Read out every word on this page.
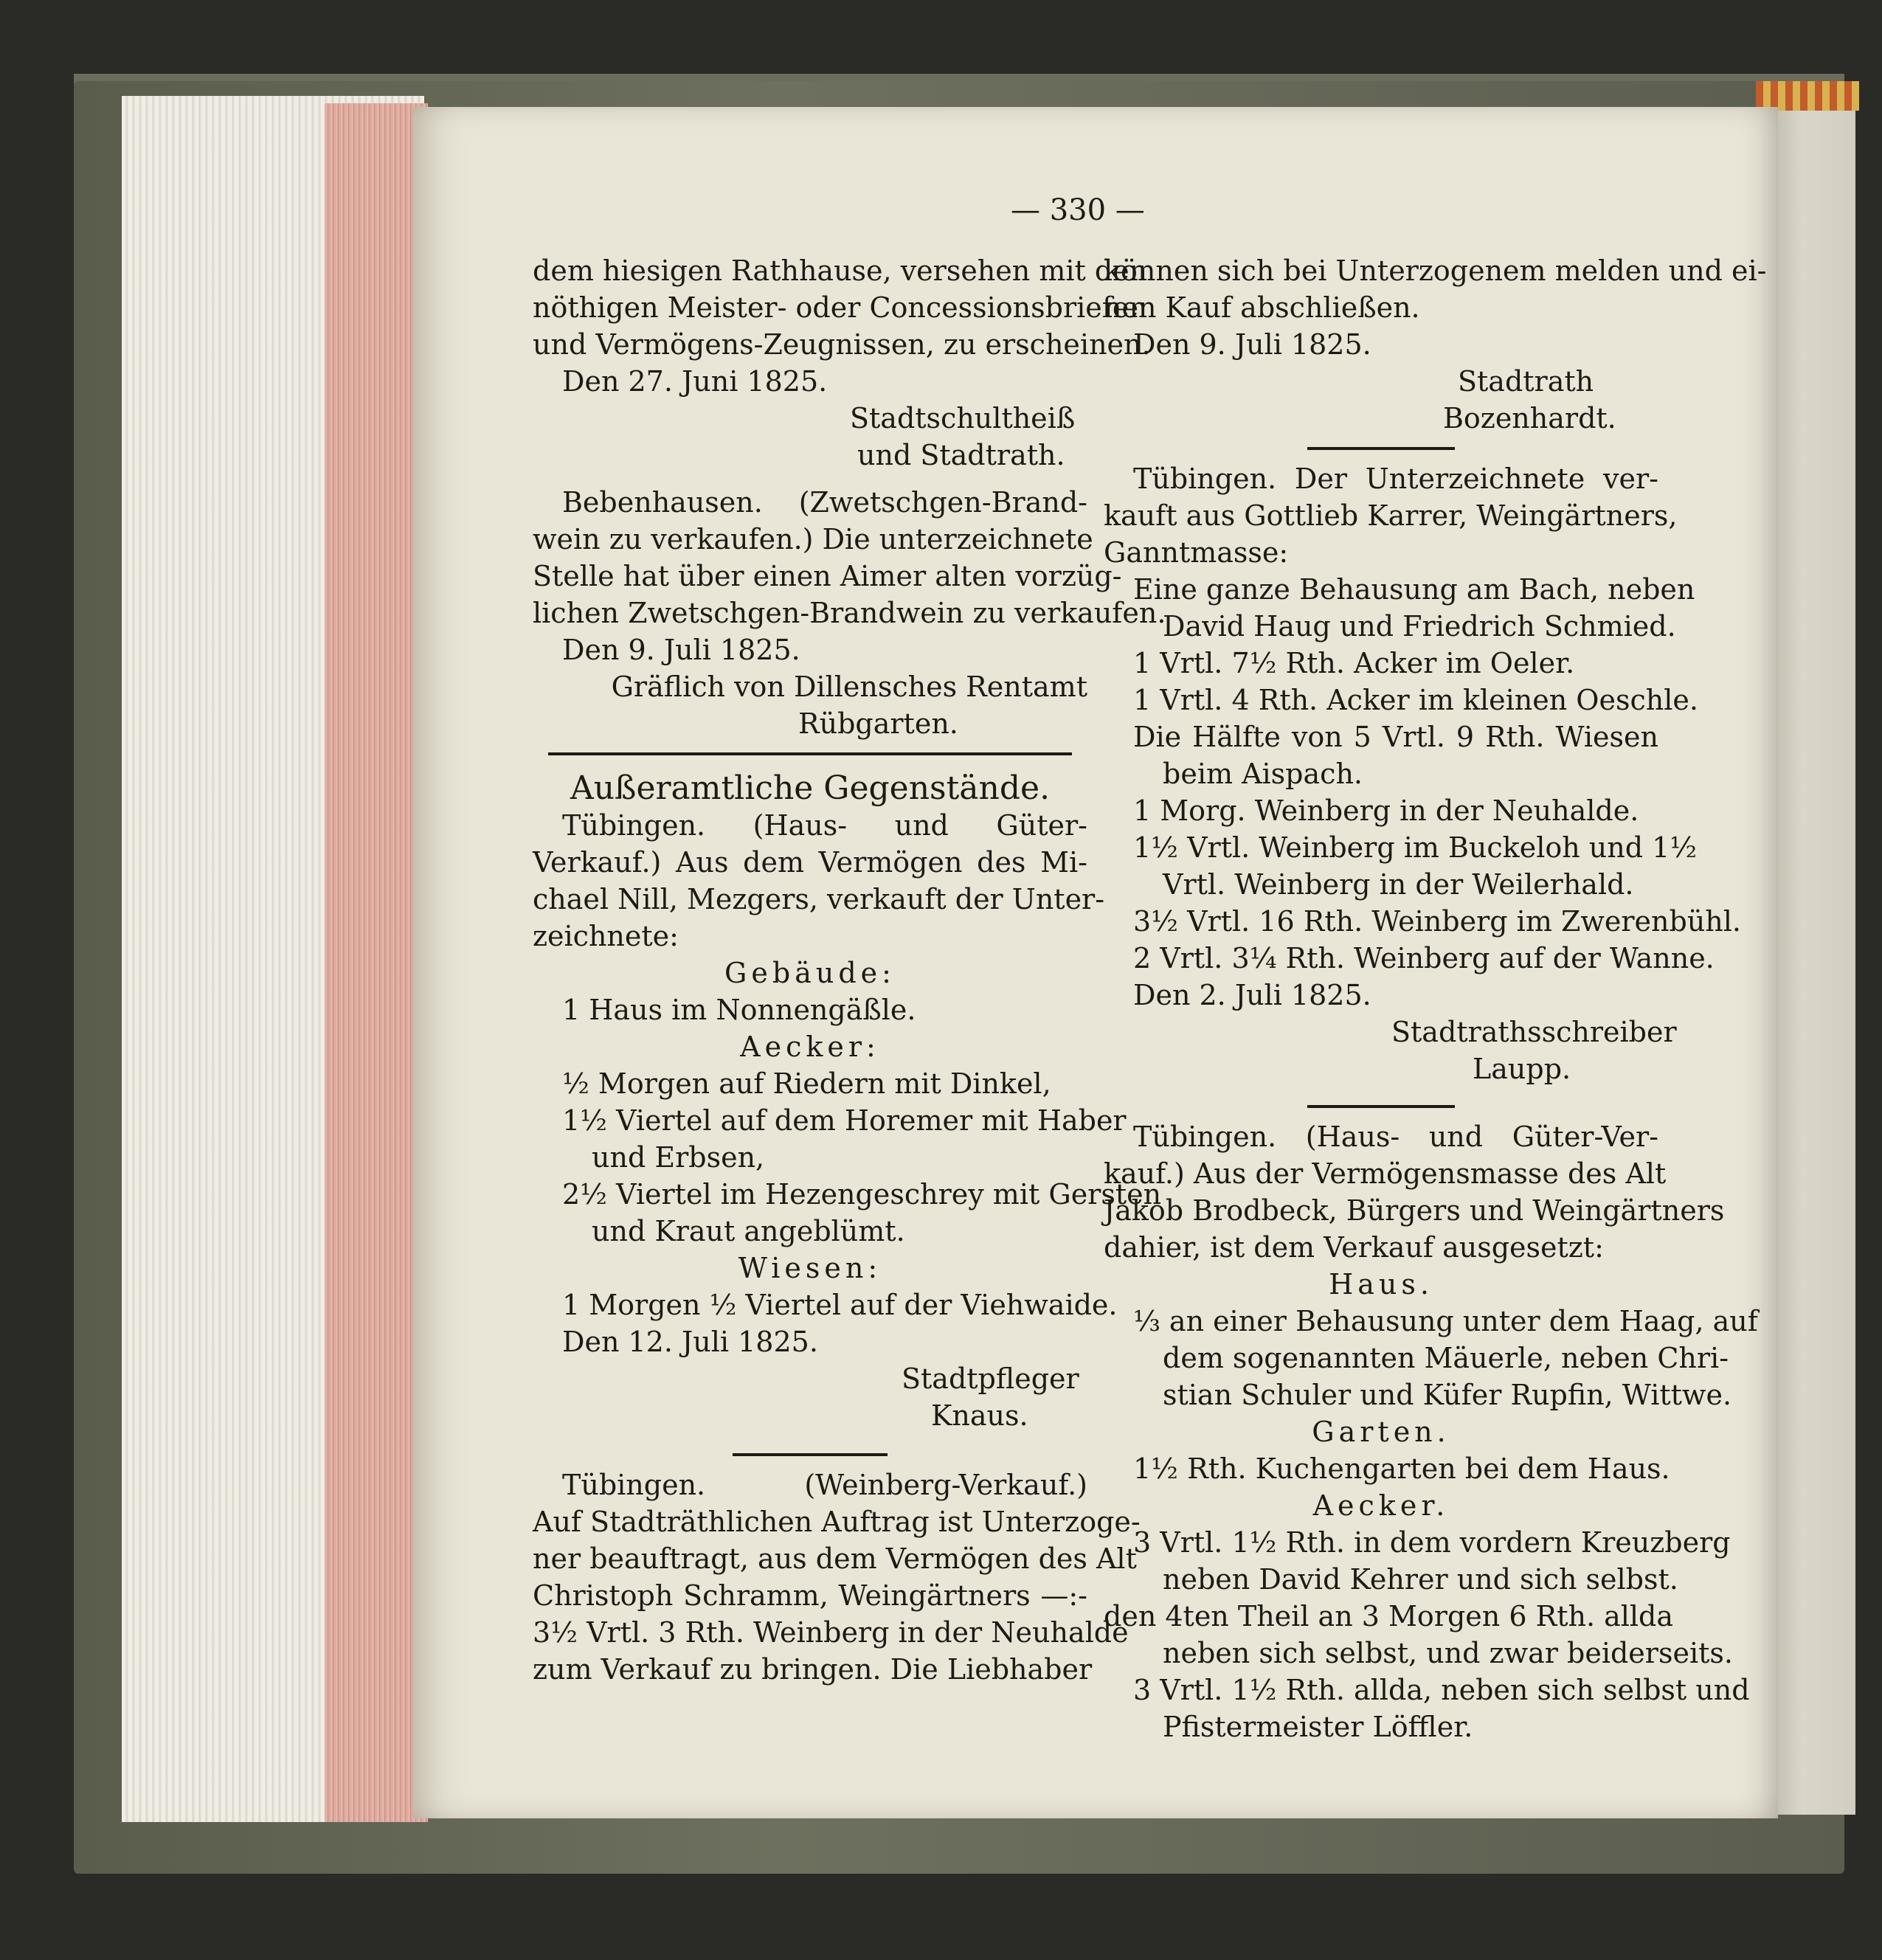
— 330 —

dem hiesigen Rathhause, versehen mit den

nöthigen Meister- oder Concessionsbriefen

und Vermögens-Zeugnissen, zu erscheinen.

Den 27. Juni 1825.

Stadtschultheiß

und Stadtrath.

Bebenhausen. (Zwetschgen-Brand-

wein zu verkaufen.) Die unterzeichnete

Stelle hat über einen Aimer alten vorzüg-

lichen Zwetschgen-Brandwein zu verkaufen.

Den 9. Juli 1825.

Gräflich von Dillensches Rentamt

Rübgarten.

Außeramtliche Gegenstände.

Tübingen. (Haus- und Güter-

Verkauf.) Aus dem Vermögen des Mi-

chael Nill, Mezgers, verkauft der Unter-

zeichnete:

Gebäude:

1 Haus im Nonnengäßle.

Aecker:

½ Morgen auf Riedern mit Dinkel,

1½ Viertel auf dem Horemer mit Haber

und Erbsen,

2½ Viertel im Hezengeschrey mit Gersten

und Kraut angeblümt.

Wiesen:

1 Morgen ½ Viertel auf der Viehwaide.

Den 12. Juli 1825.

Stadtpfleger

Knaus.

Tübingen. (Weinberg-Verkauf.)

Auf Stadträthlichen Auftrag ist Unterzoge-

ner beauftragt, aus dem Vermögen des Alt

Christoph Schramm, Weingärtners —:-

3½ Vrtl. 3 Rth. Weinberg in der Neuhalde

zum Verkauf zu bringen. Die Liebhaber

können sich bei Unterzogenem melden und ei-

nen Kauf abschließen.

Den 9. Juli 1825.

Stadtrath

Bozenhardt.

Tübingen. Der Unterzeichnete ver-

kauft aus Gottlieb Karrer, Weingärtners,

Ganntmasse:

Eine ganze Behausung am Bach, neben

David Haug und Friedrich Schmied.

1 Vrtl. 7½ Rth. Acker im Oeler.

1 Vrtl. 4 Rth. Acker im kleinen Oeschle.

Die Hälfte von 5 Vrtl. 9 Rth. Wiesen

beim Aispach.

1 Morg. Weinberg in der Neuhalde.

1½ Vrtl. Weinberg im Buckeloh und 1½

Vrtl. Weinberg in der Weilerhald.

3½ Vrtl. 16 Rth. Weinberg im Zwerenbühl.

2 Vrtl. 3¼ Rth. Weinberg auf der Wanne.

Den 2. Juli 1825.

Stadtrathsschreiber

Laupp.

Tübingen. (Haus- und Güter-Ver-

kauf.) Aus der Vermögensmasse des Alt

Jakob Brodbeck, Bürgers und Weingärtners

dahier, ist dem Verkauf ausgesetzt:

Haus.

⅓ an einer Behausung unter dem Haag, auf

dem sogenannten Mäuerle, neben Chri-

stian Schuler und Küfer Rupfin, Wittwe.

Garten.

1½ Rth. Kuchengarten bei dem Haus.

Aecker.

3 Vrtl. 1½ Rth. in dem vordern Kreuzberg

neben David Kehrer und sich selbst.

den 4ten Theil an 3 Morgen 6 Rth. allda

neben sich selbst, und zwar beiderseits.

3 Vrtl. 1½ Rth. allda, neben sich selbst und

Pfistermeister Löffler.
